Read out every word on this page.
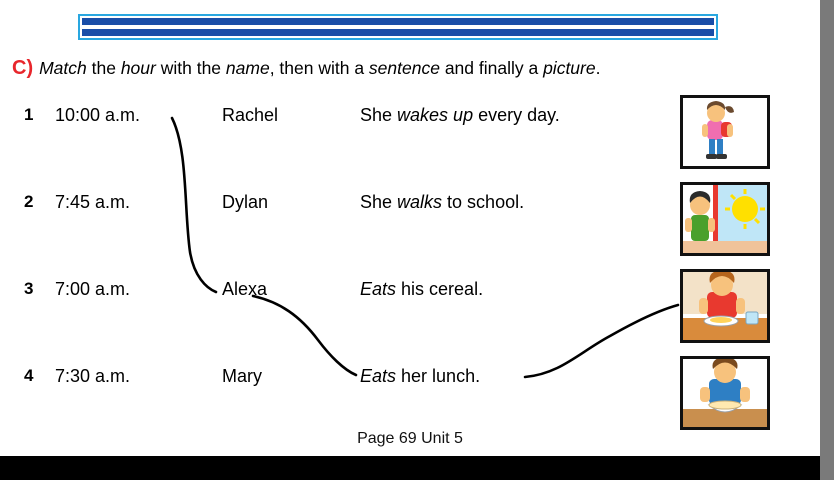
C) Match the hour with the name, then with a sentence and finally a picture.
1 10:00 a.m.	Rachel	She wakes up every day.
2 7:45 a.m.	Dylan	She walks to school.
3 7:00 a.m.	Alexa	Eats his cereal.
4 7:30 a.m.	Mary	Eats her lunch.
Page 69 Unit 5
